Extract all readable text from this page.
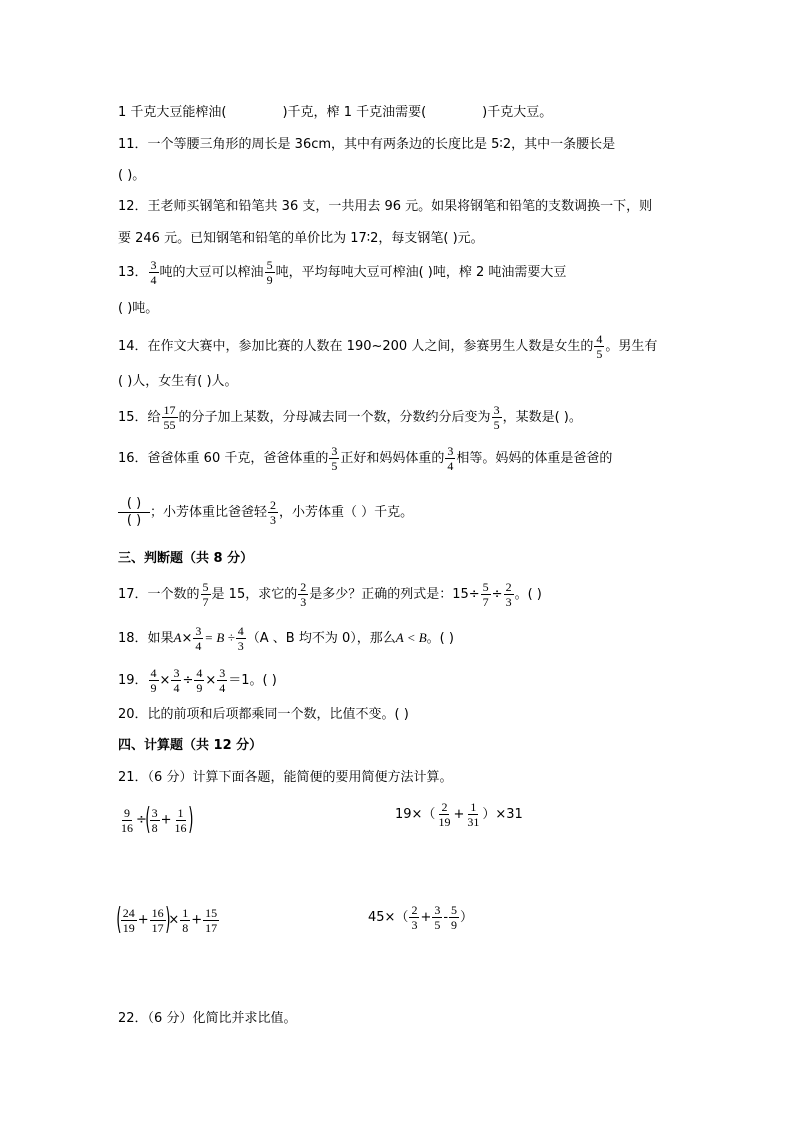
1 千克大豆能榨油(	)千克，榨 1 千克油需要(	)千克大豆。
11．一个等腰三角形的周长是 36cm，其中有两条边的长度比是 5∶2，其中一条腰长是
( )。
12．王老师买钢笔和铅笔共 36 支，一共用去 96 元。如果将钢笔和铅笔的支数调换一下，则
要 246 元。已知钢笔和铅笔的单价比为 17∶2，每支钢笔( )元。
13． $\frac{3}{4}$ 吨的大豆可以榨油 $\frac{5}{9}$ 吨，平均每吨大豆可榨油( )吨，榨 2 吨油需要大豆
( )吨。
14．在作文大赛中，参加比赛的人数在 190~200 人之间，参赛男生人数是女生的 $\frac{4}{5}$ 。男生有
( )人，女生有( )人。
15．给 $\frac{17}{55}$ 的分子加上某数，分母减去同一个数，分数约分后变为 $\frac{3}{5}$ ，某数是( )。
16．爸爸体重 60 千克，爸爸体重的 $\frac{3}{5}$ 正好和妈妈体重的 $\frac{3}{4}$ 相等。妈妈的体重是爸爸的
( )
( )
；小芳体重比爸爸轻 $\frac{2}{3}$ ，小芳体重（ ）千克。
三、判断题（共 8 分）
17．一个数的 $\frac{5}{7}$ 是 15，求它的 $\frac{2}{3}$ 是多少？正确的列式是：$15\div \frac{5}{7} \div \frac{2}{3}$ 。( )
18．如果$A\times \frac{3}{4} = B \div \frac{4}{3} (A$ 、B 均不为 0），那么A < B。( )
19． $\frac{4}{9} \times \frac{3}{4} \div \frac{4}{9} \times \frac{3}{4} =1$。( )
20．比的前项和后项都乘同一个数，比值不变。( )
四、计算题（共 12 分）
21．（6 分）计算下面各题，能简便的要用简便方法计算。
$\frac{9}{16}$ ÷( $\frac{3}{8} + \frac{1}{16}$ )	$19\times( \frac{2}{19} + \frac{1}{31} )\times 31$
( $\frac{24}{19} + \frac{16}{17}$ )× $\frac{1}{8} + \frac{15}{17}$	$45\times( \frac{2}{3} + \frac{3}{5} - \frac{5}{9}$ ）
22．（6 分）化简比并求比值。
